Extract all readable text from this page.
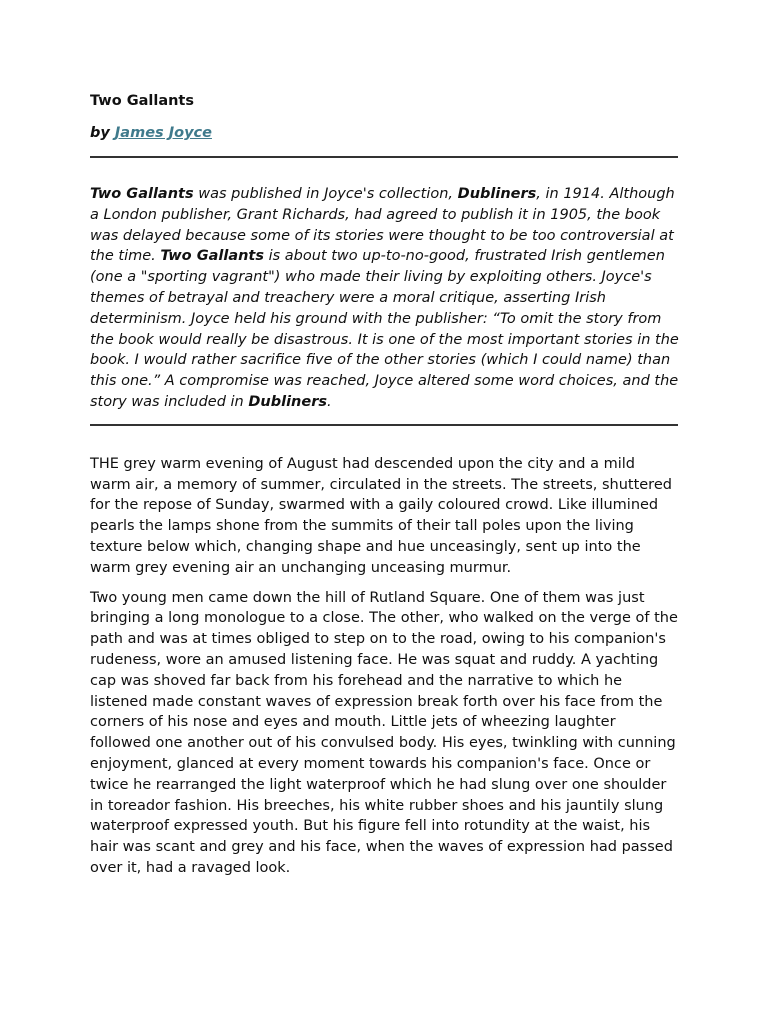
Two Gallants
by James Joyce

Two Gallants was published in Joyce's collection, Dubliners, in 1914. Although a London publisher, Grant Richards, had agreed to publish it in 1905, the book was delayed because some of its stories were thought to be too controversial at the time. Two Gallants is about two up-to-no-good, frustrated Irish gentlemen (one a "sporting vagrant") who made their living by exploiting others. Joyce's themes of betrayal and treachery were a moral critique, asserting Irish determinism. Joyce held his ground with the publisher: “To omit the story from the book would really be disastrous. It is one of the most important stories in the book. I would rather sacrifice five of the other stories (which I could name) than this one.” A compromise was reached, Joyce altered some word choices, and the story was included in Dubliners.

THE grey warm evening of August had descended upon the city and a mild warm air, a memory of summer, circulated in the streets. The streets, shuttered for the repose of Sunday, swarmed with a gaily coloured crowd. Like illumined pearls the lamps shone from the summits of their tall poles upon the living texture below which, changing shape and hue unceasingly, sent up into the warm grey evening air an unchanging unceasing murmur.

Two young men came down the hill of Rutland Square. One of them was just bringing a long monologue to a close. The other, who walked on the verge of the path and was at times obliged to step on to the road, owing to his companion's rudeness, wore an amused listening face. He was squat and ruddy. A yachting cap was shoved far back from his forehead and the narrative to which he listened made constant waves of expression break forth over his face from the corners of his nose and eyes and mouth. Little jets of wheezing laughter followed one another out of his convulsed body. His eyes, twinkling with cunning enjoyment, glanced at every moment towards his companion's face. Once or twice he rearranged the light waterproof which he had slung over one shoulder in toreador fashion. His breeches, his white rubber shoes and his jauntily slung waterproof expressed youth. But his figure fell into rotundity at the waist, his hair was scant and grey and his face, when the waves of expression had passed over it, had a ravaged look.
